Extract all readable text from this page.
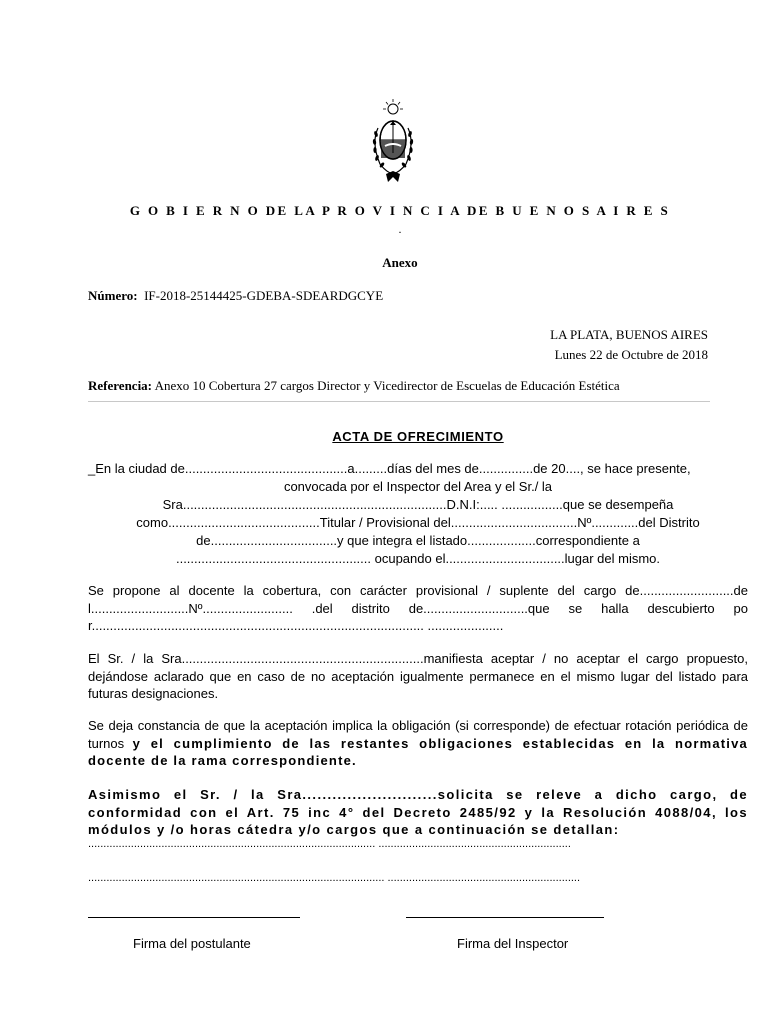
G O B I E R N O DE LA P R O V I N C I A DE B U E N O S A I R E S
.
Anexo
Número: IF-2018-25144425-GDEBA-SDEARDGCYE
LA PLATA, BUENOS AIRES
Lunes 22 de Octubre de 2018
Referencia: Anexo 10 Cobertura 27 cargos Director y Vicedirector de Escuelas de Educación Estética
ACTA DE OFRECIMIENTO
_En la ciudad de.............................................a.........días del mes de...............de 20...., se hace presente,
convocada por el Inspector del Area y el Sr./ la
Sra.........................................................................D.N.I:..... .................que se desempeña
como..........................................Titular / Provisional del...................................Nº.............del Distrito
de...................................y que integra el listado...................correspondiente a
...................................................... ocupando el.................................lugar del mismo.
Se propone al docente la cobertura, con carácter provisional / suplente del cargo de..........................del...........................Nº......................... .del distrito de.............................que se halla descubierto por............................................................................................ .....................
El Sr. / la Sra...................................................................manifiesta aceptar / no aceptar el cargo propuesto, dejándose aclarado que en caso de no aceptación igualmente permanece en el mismo lugar del listado para futuras designaciones.
Se deja constancia de que la aceptación implica la obligación (si corresponde) de efectuar rotación periódica de turnos y el cumplimiento de las restantes obligaciones establecidas en la normativa docente de la rama correspondiente.
Asimismo el Sr. / la Sra...........................solicita se releve a dicho cargo, de conformidad con el Art. 75 inc 4° del Decreto 2485/92 y la Resolución 4088/04, los módulos y /o horas cátedra y/o cargos que a continuación se detallan:
.............................................................................................. ...............................................................
................................................................................................. ...............................................................
Firma del postulante	Firma del Inspector
